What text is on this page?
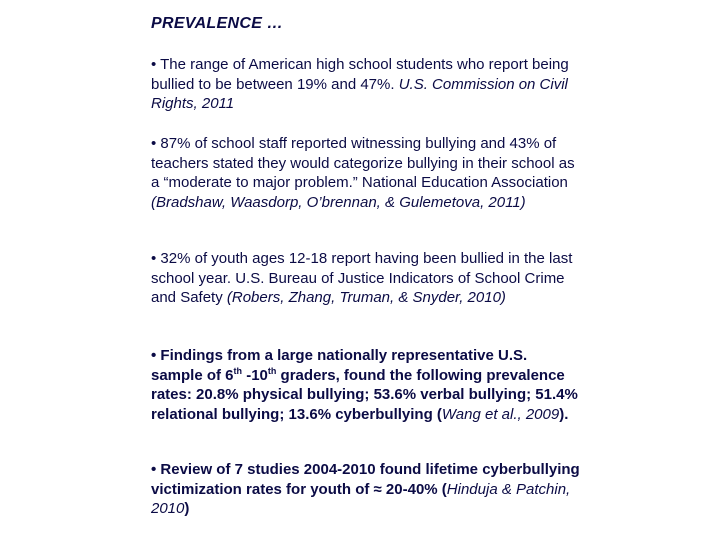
PREVALENCE …

• The range of American high school students who report being bullied to be between 19% and 47%. U.S. Commission on Civil Rights, 2011

• 87% of school staff reported witnessing bullying and 43% of teachers stated they would categorize bullying in their school as a “moderate to major problem.” National Education Association (Bradshaw, Waasdorp, O’brennan, & Gulemetova, 2011)

• 32% of youth ages 12-18 report having been bullied in the last school year. U.S. Bureau of Justice Indicators of School Crime and Safety (Robers, Zhang, Truman, & Snyder, 2010)

• Findings from a large nationally representative U.S. sample of 6th -10th graders, found the following prevalence rates: 20.8% physical bullying; 53.6% verbal bullying; 51.4% relational bullying; 13.6% cyberbullying (Wang et al., 2009).

• Review of 7 studies 2004-2010 found lifetime cyberbullying victimization rates for youth of ≈ 20-40% (Hinduja & Patchin, 2010)
